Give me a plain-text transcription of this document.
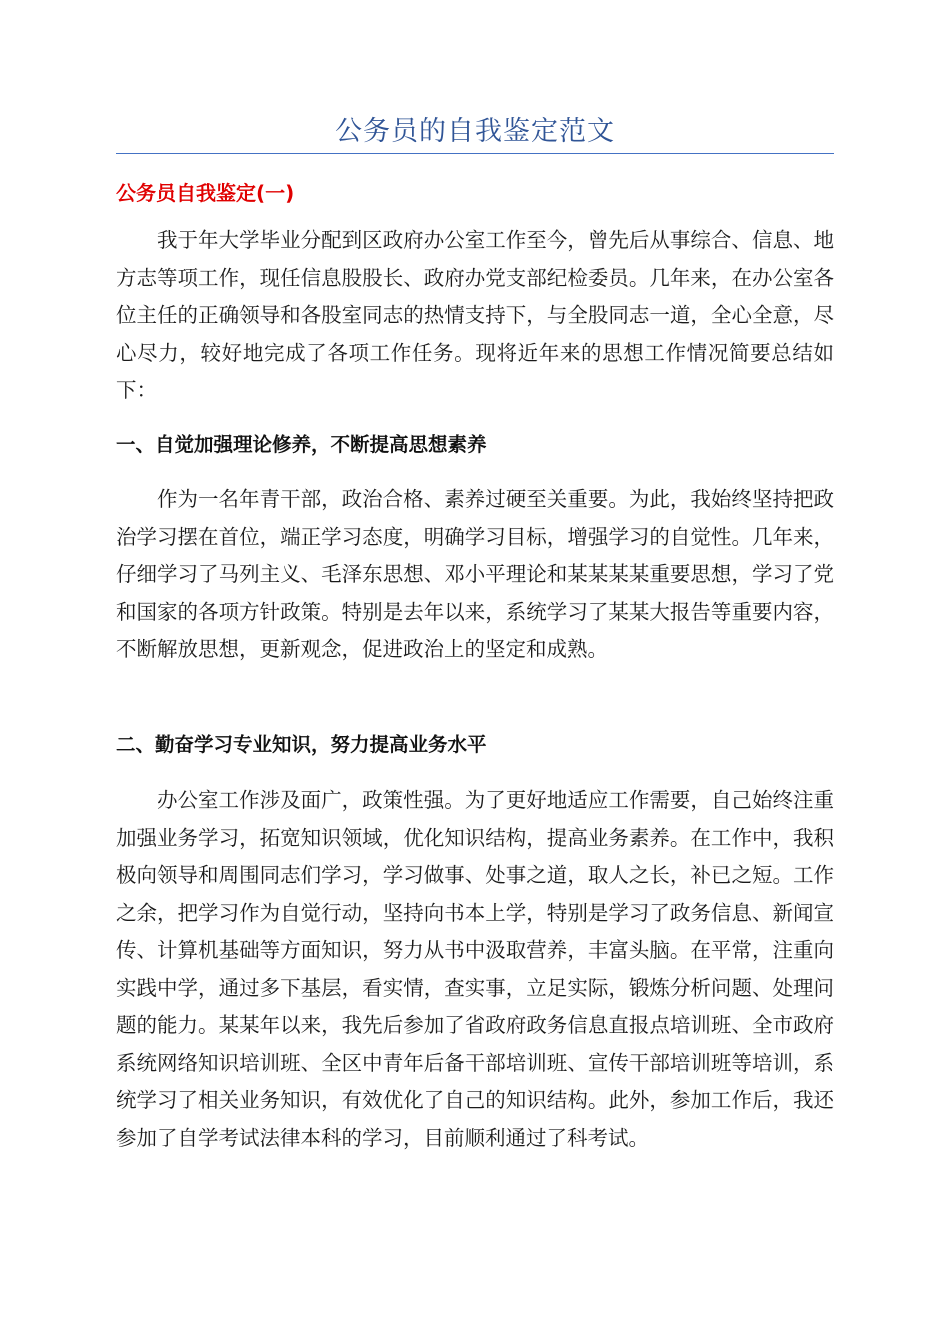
公务员的自我鉴定范文
公务员自我鉴定(一)

我于年大学毕业分配到区政府办公室工作至今，曾先后从事综合、信息、地方志等项工作，现任信息股股长、政府办党支部纪检委员。几年来，在办公室各位主任的正确领导和各股室同志的热情支持下，与全股同志一道，全心全意，尽心尽力，较好地完成了各项工作任务。现将近年来的思想工作情况简要总结如下：

一、自觉加强理论修养，不断提高思想素养

作为一名年青干部，政治合格、素养过硬至关重要。为此，我始终坚持把政治学习摆在首位，端正学习态度，明确学习目标，增强学习的自觉性。几年来，仔细学习了马列主义、毛泽东思想、邓小平理论和某某某某重要思想，学习了党和国家的各项方针政策。特别是去年以来，系统学习了某某大报告等重要内容，不断解放思想，更新观念，促进政治上的坚定和成熟。

二、勤奋学习专业知识，努力提高业务水平

办公室工作涉及面广，政策性强。为了更好地适应工作需要，自己始终注重加强业务学习，拓宽知识领域，优化知识结构，提高业务素养。在工作中，我积极向领导和周围同志们学习，学习做事、处事之道，取人之长，补已之短。工作之余，把学习作为自觉行动，坚持向书本上学，特别是学习了政务信息、新闻宣传、计算机基础等方面知识，努力从书中汲取营养，丰富头脑。在平常，注重向实践中学，通过多下基层，看实情，查实事，立足实际，锻炼分析问题、处理问题的能力。某某年以来，我先后参加了省政府政务信息直报点培训班、全市政府系统网络知识培训班、全区中青年后备干部培训班、宣传干部培训班等培训，系统学习了相关业务知识，有效优化了自己的知识结构。此外，参加工作后，我还参加了自学考试法律本科的学习，目前顺利通过了科考试。
